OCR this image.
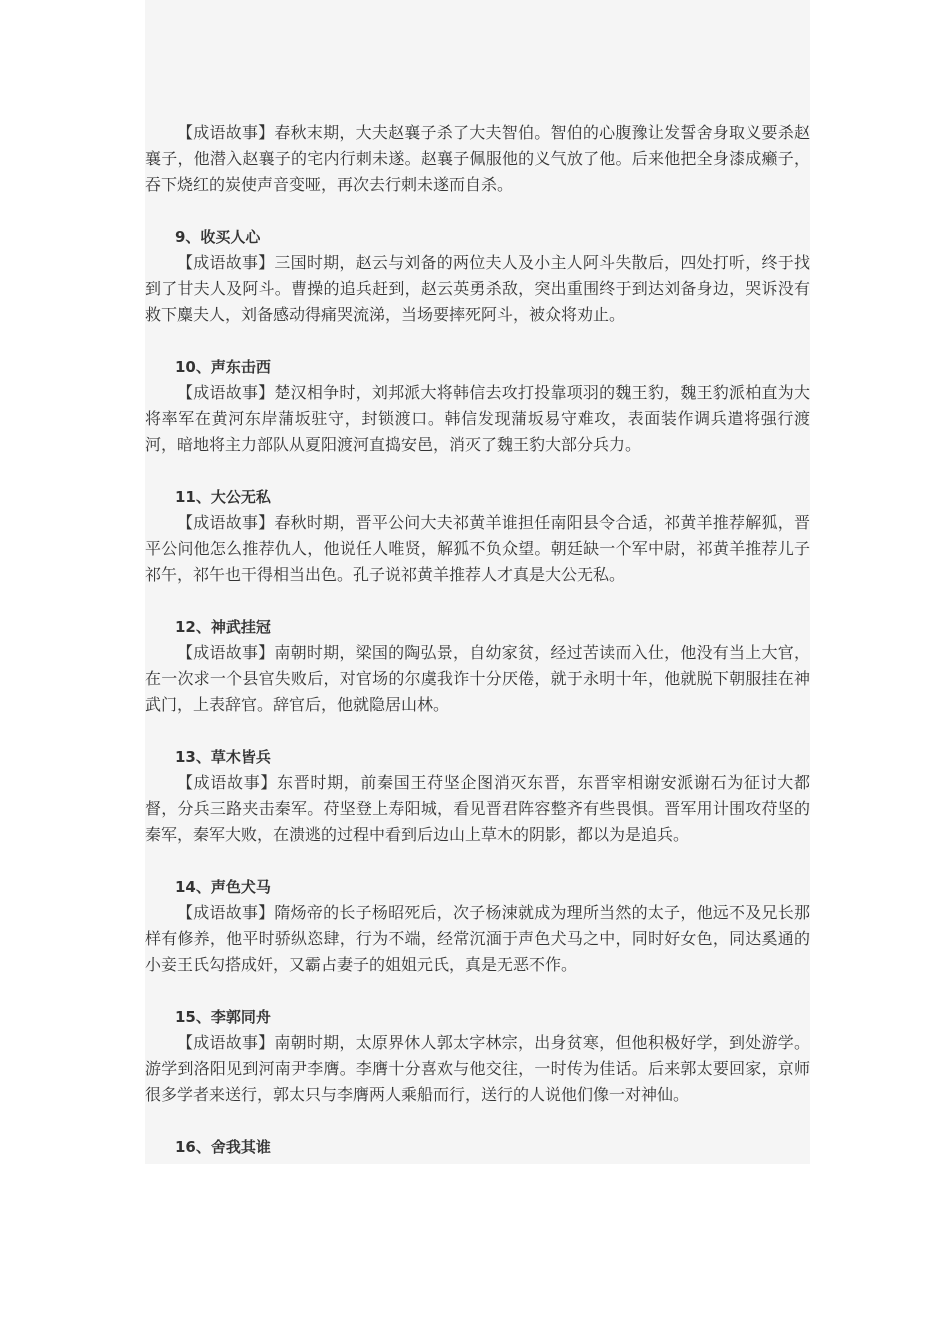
【成语故事】春秋末期，大夫赵襄子杀了大夫智伯。智伯的心腹豫让发誓舍身取义要杀赵襄子，他潜入赵襄子的宅内行刺未遂。赵襄子佩服他的义气放了他。后来他把全身漆成癞子，吞下烧红的炭使声音变哑，再次去行刺未遂而自杀。

9、收买人心

【成语故事】三国时期，赵云与刘备的两位夫人及小主人阿斗失散后，四处打听，终于找到了甘夫人及阿斗。曹操的追兵赶到，赵云英勇杀敌，突出重围终于到达刘备身边，哭诉没有救下麋夫人，刘备感动得痛哭流涕，当场要摔死阿斗，被众将劝止。

10、声东击西

【成语故事】楚汉相争时，刘邦派大将韩信去攻打投靠项羽的魏王豹，魏王豹派柏直为大将率军在黄河东岸蒲坂驻守，封锁渡口。韩信发现蒲坂易守难攻，表面装作调兵遣将强行渡河，暗地将主力部队从夏阳渡河直捣安邑，消灭了魏王豹大部分兵力。

11、大公无私

【成语故事】春秋时期，晋平公问大夫祁黄羊谁担任南阳县令合适，祁黄羊推荐解狐，晋平公问他怎么推荐仇人，他说任人唯贤，解狐不负众望。朝廷缺一个军中尉，祁黄羊推荐儿子祁午，祁午也干得相当出色。孔子说祁黄羊推荐人才真是大公无私。

12、神武挂冠

【成语故事】南朝时期，梁国的陶弘景，自幼家贫，经过苦读而入仕，他没有当上大官，在一次求一个县官失败后，对官场的尔虞我诈十分厌倦，就于永明十年，他就脱下朝服挂在神武门，上表辞官。辞官后，他就隐居山林。

13、草木皆兵

【成语故事】东晋时期，前秦国王苻坚企图消灭东晋，东晋宰相谢安派谢石为征讨大都督，分兵三路夹击秦军。苻坚登上寿阳城，看见晋君阵容整齐有些畏惧。晋军用计围攻苻坚的秦军，秦军大败，在溃逃的过程中看到后边山上草木的阴影，都以为是追兵。

14、声色犬马

【成语故事】隋炀帝的长子杨昭死后，次子杨涑就成为理所当然的太子，他远不及兄长那样有修养，他平时骄纵恣肆，行为不端，经常沉湎于声色犬马之中，同时好女色，同达奚通的小妾王氏勾搭成奸，又霸占妻子的姐姐元氏，真是无恶不作。

15、李郭同舟

【成语故事】南朝时期，太原界休人郭太字林宗，出身贫寒，但他积极好学，到处游学。游学到洛阳见到河南尹李膺。李膺十分喜欢与他交往，一时传为佳话。后来郭太要回家，京师很多学者来送行，郭太只与李膺两人乘船而行，送行的人说他们像一对神仙。

16、舍我其谁
